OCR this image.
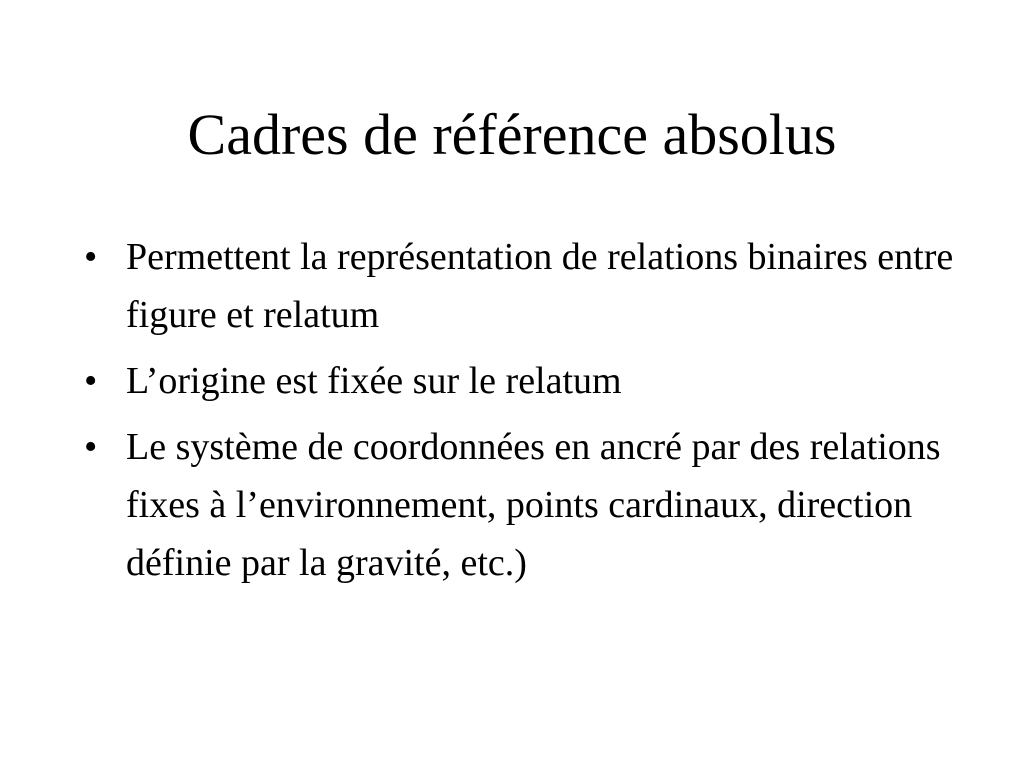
Cadres de référence absolus
• Permettent la représentation de relations binaires entre figure et relatum
• L’origine est fixée sur le relatum
• Le système de coordonnées en ancré par des relations fixes à l’environnement, points cardinaux, direction définie par la gravité, etc.)
